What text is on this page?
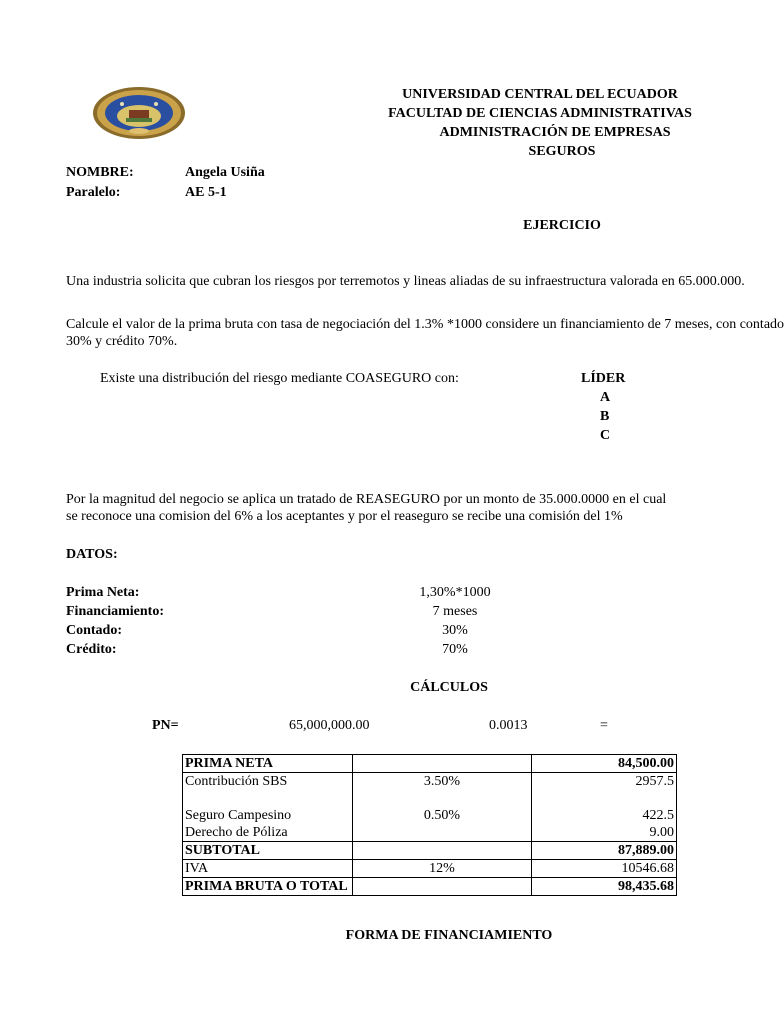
UNIVERSIDAD CENTRAL DEL ECUADOR
FACULTAD DE CIENCIAS ADMINISTRATIVAS
ADMINISTRACIÓN DE EMPRESAS
SEGUROS
NOMBRE:	Angela Usiña
Paralelo:	AE 5-1
EJERCICIO
Una industria solicita que cubran los riesgos por terremotos y lineas aliadas de su infraestructura valorada en 65.000.000.
Calcule el valor de la prima bruta con tasa de negociación del 1.3% *1000 considere un financiamiento de 7 meses, con contado
30% y crédito 70%.
Existe una distribución del riesgo mediante COASEGURO con:	LÍDER
A
B
C
Por la magnitud del negocio se aplica un tratado de REASEGURO por un monto de 35.000.0000 en el cual
se reconoce una comision del 6% a los aceptantes y por el reaseguro se recibe una comisión del 1%
DATOS:
Prima Neta:	1,30%*1000
Financiamiento:	7 meses
Contado:	30%
Crédito:	70%
CÁLCULOS
PN=	65,000,000.00	0.0013	=
PRIMA NETA		84,500.00
Contribución SBS	3.50%	2957.5
Seguro Campesino	0.50%	422.5
Derecho de Póliza		9.00
SUBTOTAL		87,889.00
IVA	12%	10546.68
PRIMA BRUTA O TOTAL		98,435.68
FORMA DE FINANCIAMIENTO
